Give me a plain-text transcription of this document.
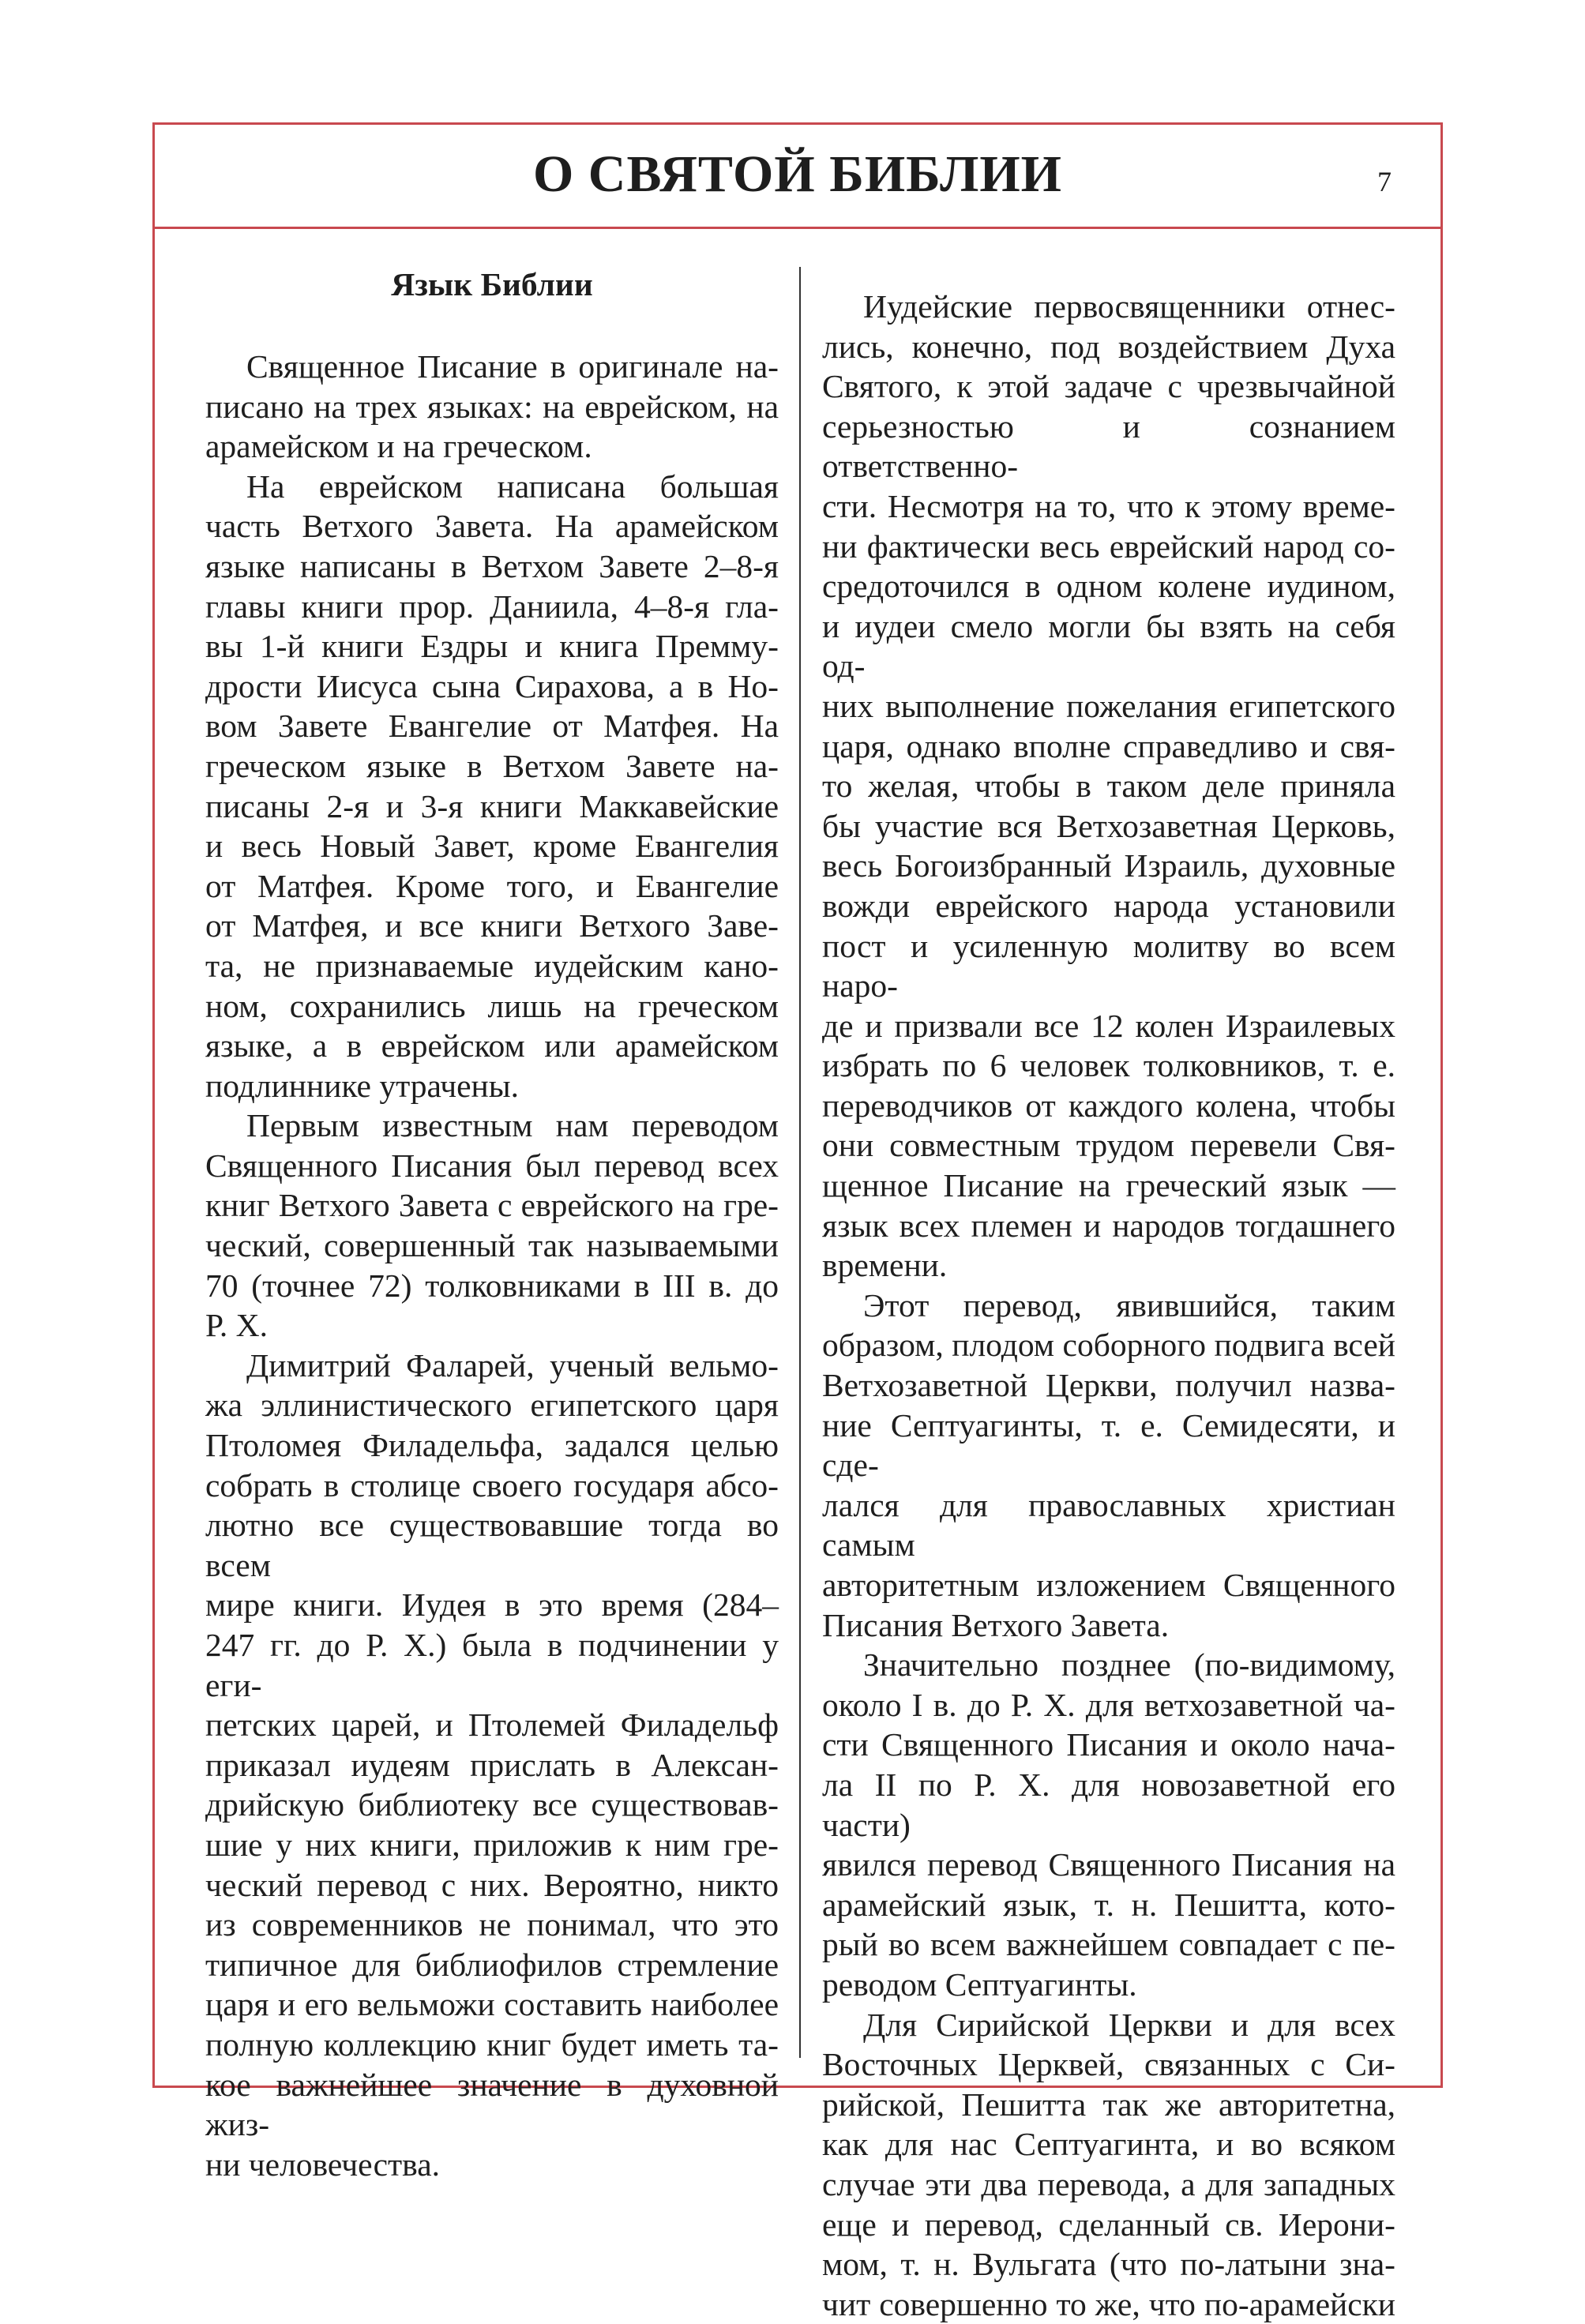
О СВЯТОЙ БИБЛИИ	7
Язык Библии

Священное Писание в оригинале на-
писано на трех языках: на еврейском, на
арамейском и на греческом.

На еврейском написана большая
часть Ветхого Завета. На арамейском
языке написаны в Ветхом Завете 2–8-я
главы книги прор. Даниила, 4–8-я гла-
вы 1-й книги Ездры и книга Премму-
дрости Иисуса сына Сирахова, а в Но-
вом Завете Евангелие от Матфея. На
греческом языке в Ветхом Завете на-
писаны 2-я и 3-я книги Маккавейские
и весь Новый Завет, кроме Евангелия
от Матфея. Кроме того, и Евангелие
от Матфея, и все книги Ветхого Заве-
та, не признаваемые иудейским кано-
ном, сохранились лишь на греческом
языке, а в еврейском или арамейском
подлиннике утрачены.

Первым известным нам переводом
Священного Писания был перевод всех
книг Ветхого Завета с еврейского на гре-
ческий, совершенный так называемыми
70 (точнее 72) толковниками в III в. до
Р. Х.

Димитрий Фаларей, ученый вельмо-
жа эллинистического египетского царя
Птоломея Филадельфа, задался целью
собрать в столице своего государя абсо-
лютно все существовавшие тогда во всем
мире книги. Иудея в это время (284–
247 гг. до Р. Х.) была в подчинении у еги-
петских царей, и Птолемей Филадельф
приказал иудеям прислать в Алексан-
дрийскую библиотеку все существовав-
шие у них книги, приложив к ним гре-
ческий перевод с них. Вероятно, никто
из современников не понимал, что это
типичное для библиофилов стремление
царя и его вельможи составить наиболее
полную коллекцию книг будет иметь та-
кое важнейшее значение в духовной жиз-
ни человечества.

Иудейские первосвященники отнес-
лись, конечно, под воздействием Духа
Святого, к этой задаче с чрезвычайной
серьезностью и сознанием ответственно-
сти. Несмотря на то, что к этому време-
ни фактически весь еврейский народ со-
средоточился в одном колене иудином,
и иудеи смело могли бы взять на себя од-
них выполнение пожелания египетского
царя, однако вполне справедливо и свя-
то желая, чтобы в таком деле приняла
бы участие вся Ветхозаветная Церковь,
весь Богоизбранный Израиль, духовные
вожди еврейского народа установили
пост и усиленную молитву во всем наро-
де и призвали все 12 колен Израилевых
избрать по 6 человек толковников, т. е.
переводчиков от каждого колена, чтобы
они совместным трудом перевели Свя-
щенное Писание на греческий язык —
язык всех племен и народов тогдашнего
времени.

Этот перевод, явившийся, таким
образом, плодом соборного подвига всей
Ветхозаветной Церкви, получил назва-
ние Септуагинты, т. е. Семидесяти, и сде-
лался для православных христиан самым
авторитетным изложением Священного
Писания Ветхого Завета.

Значительно позднее (по-видимому,
около I в. до Р. Х. для ветхозаветной ча-
сти Священного Писания и около нача-
ла II по Р. Х. для новозаветной его части)
явился перевод Священного Писания на
арамейский язык, т. н. Пешитта, кото-
рый во всем важнейшем совпадает с пе-
реводом Септуагинты.

Для Сирийской Церкви и для всех
Восточных Церквей, связанных с Си-
рийской, Пешитта так же авторитетна,
как для нас Септуагинта, и во всяком
случае эти два перевода, а для западных
еще и перевод, сделанный св. Иерони-
мом, т. н. Вульгата (что по-латыни зна-
чит совершенно то же, что по-арамейски
